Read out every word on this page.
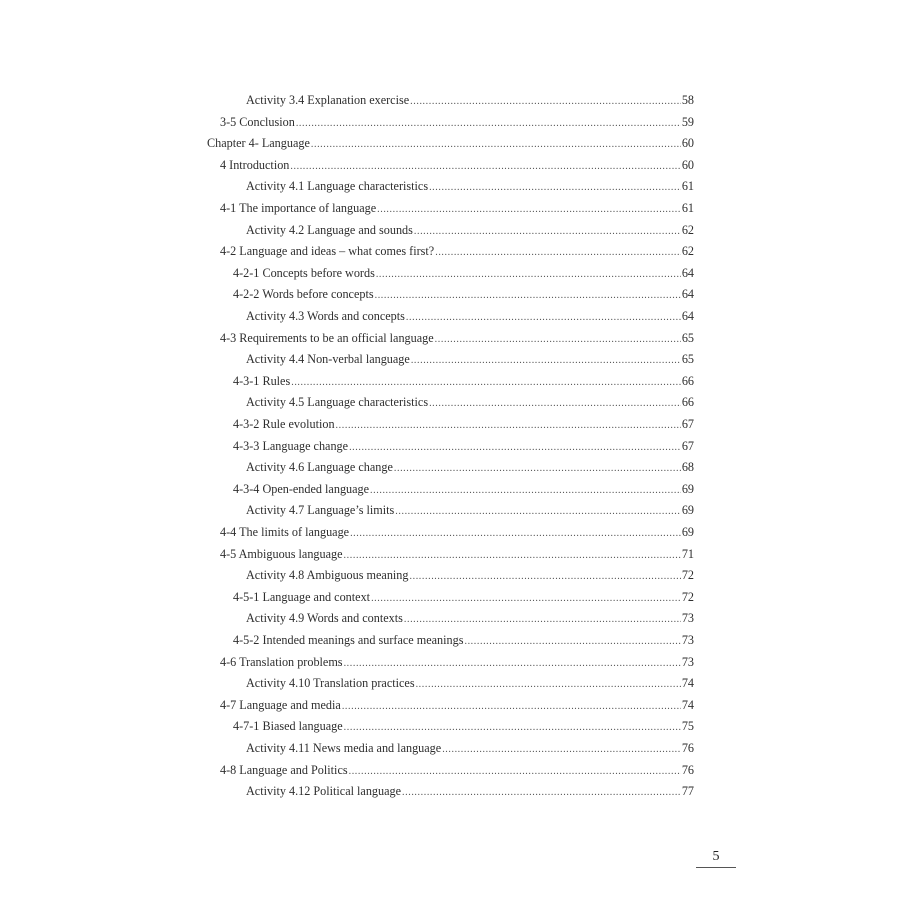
Activity 3.4 Explanation exercise .....	58
3-5 Conclusion .....	59
Chapter 4- Language .....	60
4 Introduction .....	60
Activity 4.1 Language characteristics .....	61
4-1 The importance of language .....	61
Activity 4.2 Language and sounds .....	62
4-2 Language and ideas – what comes first? .....	62
4-2-1 Concepts before words .....	64
4-2-2 Words before concepts .....	64
Activity 4.3 Words and concepts .....	64
4-3 Requirements to be an official language .....	65
Activity 4.4 Non-verbal language .....	65
4-3-1 Rules .....	66
Activity 4.5 Language characteristics .....	66
4-3-2 Rule evolution .....	67
4-3-3 Language change .....	67
Activity 4.6 Language change .....	68
4-3-4 Open-ended language .....	69
Activity 4.7 Language’s limits .....	69
4-4 The limits of language .....	69
4-5 Ambiguous language .....	71
Activity 4.8 Ambiguous meaning .....	72
4-5-1 Language and context .....	72
Activity 4.9 Words and contexts .....	73
4-5-2 Intended meanings and surface meanings .....	73
4-6 Translation problems .....	73
Activity 4.10 Translation practices .....	74
4-7 Language and media .....	74
4-7-1 Biased language .....	75
Activity 4.11 News media and language .....	76
4-8 Language and Politics .....	76
Activity 4.12 Political language .....	77
5
